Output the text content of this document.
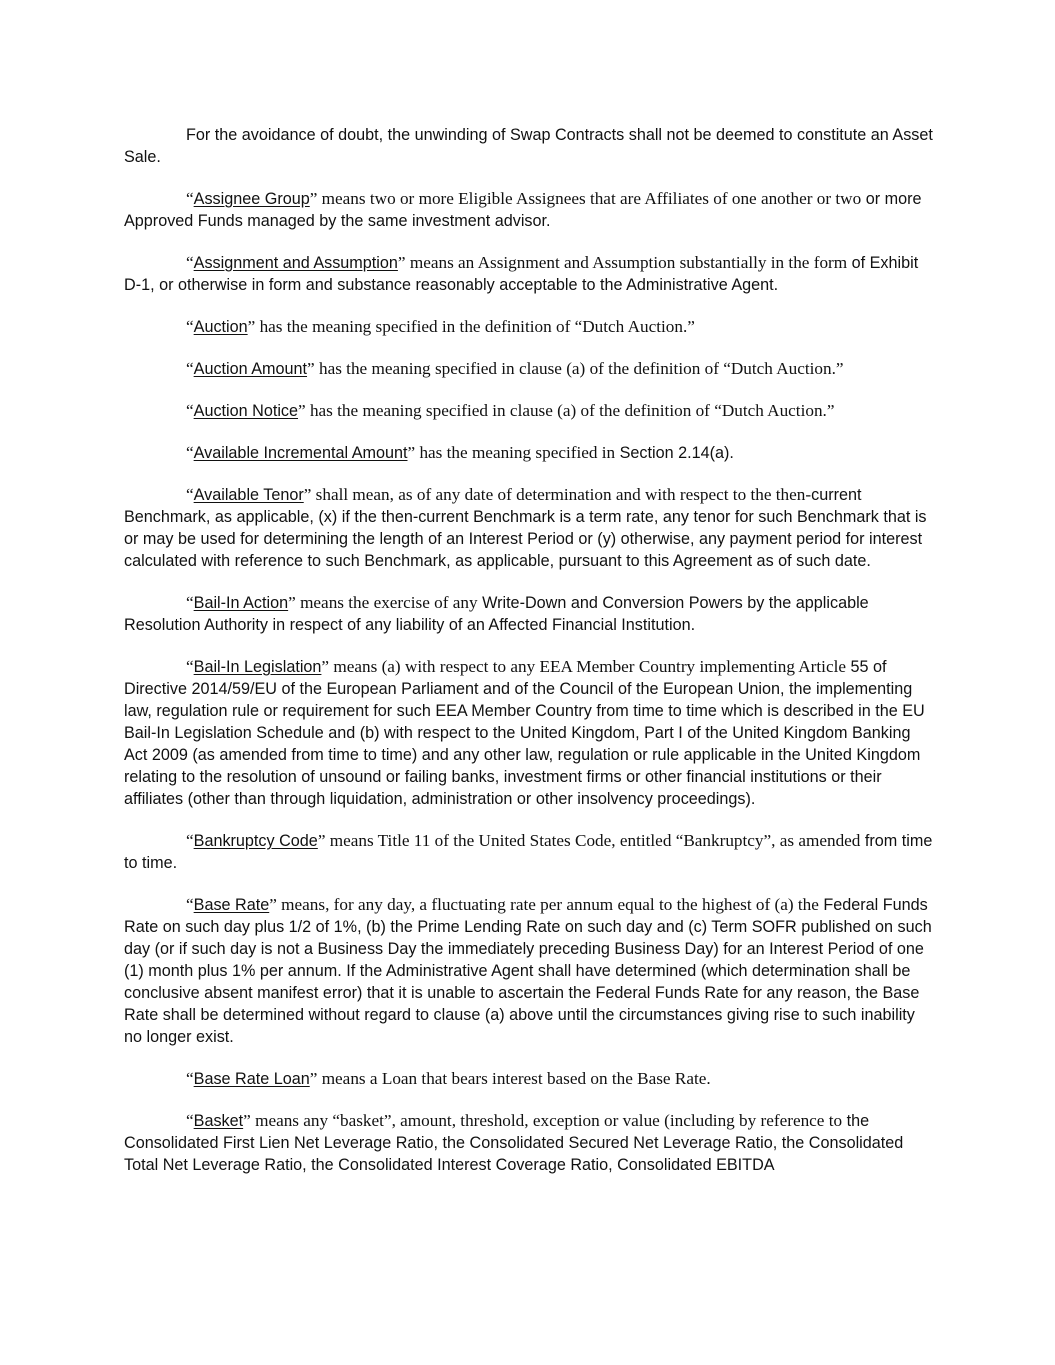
For the avoidance of doubt, the unwinding of Swap Contracts shall not be deemed to constitute an Asset Sale.

“Assignee Group” means two or more Eligible Assignees that are Affiliates of one another or two or more Approved Funds managed by the same investment advisor.

“Assignment and Assumption” means an Assignment and Assumption substantially in the form of Exhibit D-1, or otherwise in form and substance reasonably acceptable to the Administrative Agent.

“Auction” has the meaning specified in the definition of “Dutch Auction.”

“Auction Amount” has the meaning specified in clause (a) of the definition of “Dutch Auction.”

“Auction Notice” has the meaning specified in clause (a) of the definition of “Dutch Auction.”

“Available Incremental Amount” has the meaning specified in Section 2.14(a).

“Available Tenor” shall mean, as of any date of determination and with respect to the then-current Benchmark, as applicable, (x) if the then-current Benchmark is a term rate, any tenor for such Benchmark that is or may be used for determining the length of an Interest Period or (y) otherwise, any payment period for interest calculated with reference to such Benchmark, as applicable, pursuant to this Agreement as of such date.

“Bail-In Action” means the exercise of any Write-Down and Conversion Powers by the applicable Resolution Authority in respect of any liability of an Affected Financial Institution.

“Bail-In Legislation” means (a) with respect to any EEA Member Country implementing Article 55 of Directive 2014/59/EU of the European Parliament and of the Council of the European Union, the implementing law, regulation rule or requirement for such EEA Member Country from time to time which is described in the EU Bail-In Legislation Schedule and (b) with respect to the United Kingdom, Part I of the United Kingdom Banking Act 2009 (as amended from time to time) and any other law, regulation or rule applicable in the United Kingdom relating to the resolution of unsound or failing banks, investment firms or other financial institutions or their affiliates (other than through liquidation, administration or other insolvency proceedings).

“Bankruptcy Code” means Title 11 of the United States Code, entitled “Bankruptcy”, as amended from time to time.

“Base Rate” means, for any day, a fluctuating rate per annum equal to the highest of (a) the Federal Funds Rate on such day plus 1/2 of 1%, (b) the Prime Lending Rate on such day and (c) Term SOFR published on such day (or if such day is not a Business Day the immediately preceding Business Day) for an Interest Period of one (1) month plus 1% per annum. If the Administrative Agent shall have determined (which determination shall be conclusive absent manifest error) that it is unable to ascertain the Federal Funds Rate for any reason, the Base Rate shall be determined without regard to clause (a) above until the circumstances giving rise to such inability no longer exist.

“Base Rate Loan” means a Loan that bears interest based on the Base Rate.

“Basket” means any “basket”, amount, threshold, exception or value (including by reference to the Consolidated First Lien Net Leverage Ratio, the Consolidated Secured Net Leverage Ratio, the Consolidated Total Net Leverage Ratio, the Consolidated Interest Coverage Ratio, Consolidated EBITDA
